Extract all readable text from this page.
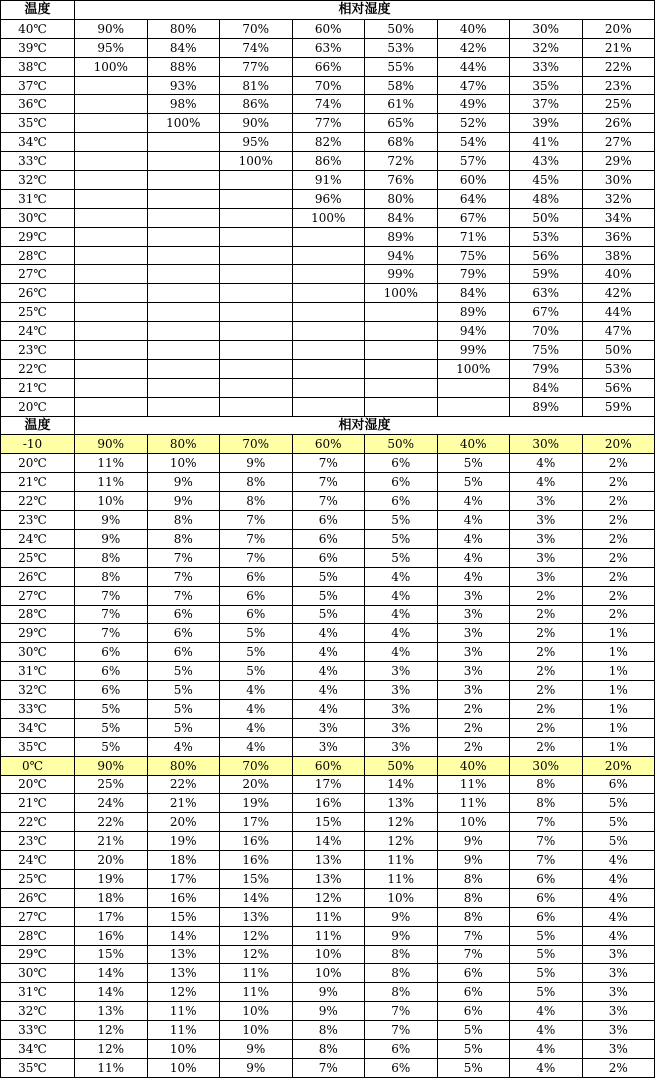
温度	相对湿度							
40℃	90%	80%	70%	60%	50%	40%	30%	20%
39℃	95%	84%	74%	63%	53%	42%	32%	21%
38℃	100%	88%	77%	66%	55%	44%	33%	22%
37℃		93%	81%	70%	58%	47%	35%	23%
36℃		98%	86%	74%	61%	49%	37%	25%
35℃		100%	90%	77%	65%	52%	39%	26%
34℃			95%	82%	68%	54%	41%	27%
33℃			100%	86%	72%	57%	43%	29%
32℃				91%	76%	60%	45%	30%
31℃				96%	80%	64%	48%	32%
30℃				100%	84%	67%	50%	34%
29℃					89%	71%	53%	36%
28℃					94%	75%	56%	38%
27℃					99%	79%	59%	40%
26℃					100%	84%	63%	42%
25℃						89%	67%	44%
24℃						94%	70%	47%
23℃						99%	75%	50%
22℃						100%	79%	53%
21℃							84%	56%
20℃							89%	59%
温度	相对湿度							
-10	90%	80%	70%	60%	50%	40%	30%	20%
20℃	11%	10%	9%	7%	6%	5%	4%	2%
21℃	11%	9%	8%	7%	6%	5%	4%	2%
22℃	10%	9%	8%	7%	6%	4%	3%	2%
23℃	9%	8%	7%	6%	5%	4%	3%	2%
24℃	9%	8%	7%	6%	5%	4%	3%	2%
25℃	8%	7%	7%	6%	5%	4%	3%	2%
26℃	8%	7%	6%	5%	4%	4%	3%	2%
27℃	7%	7%	6%	5%	4%	3%	2%	2%
28℃	7%	6%	6%	5%	4%	3%	2%	2%
29℃	7%	6%	5%	4%	4%	3%	2%	1%
30℃	6%	6%	5%	4%	4%	3%	2%	1%
31℃	6%	5%	5%	4%	3%	3%	2%	1%
32℃	6%	5%	4%	4%	3%	3%	2%	1%
33℃	5%	5%	4%	4%	3%	2%	2%	1%
34℃	5%	5%	4%	3%	3%	2%	2%	1%
35℃	5%	4%	4%	3%	3%	2%	2%	1%
0℃	90%	80%	70%	60%	50%	40%	30%	20%
20℃	25%	22%	20%	17%	14%	11%	8%	6%
21℃	24%	21%	19%	16%	13%	11%	8%	5%
22℃	22%	20%	17%	15%	12%	10%	7%	5%
23℃	21%	19%	16%	14%	12%	9%	7%	5%
24℃	20%	18%	16%	13%	11%	9%	7%	4%
25℃	19%	17%	15%	13%	11%	8%	6%	4%
26℃	18%	16%	14%	12%	10%	8%	6%	4%
27℃	17%	15%	13%	11%	9%	8%	6%	4%
28℃	16%	14%	12%	11%	9%	7%	5%	4%
29℃	15%	13%	12%	10%	8%	7%	5%	3%
30℃	14%	13%	11%	10%	8%	6%	5%	3%
31℃	14%	12%	11%	9%	8%	6%	5%	3%
32℃	13%	11%	10%	9%	7%	6%	4%	3%
33℃	12%	11%	10%	8%	7%	5%	4%	3%
34℃	12%	10%	9%	8%	6%	5%	4%	3%
35℃	11%	10%	9%	7%	6%	5%	4%	2%
